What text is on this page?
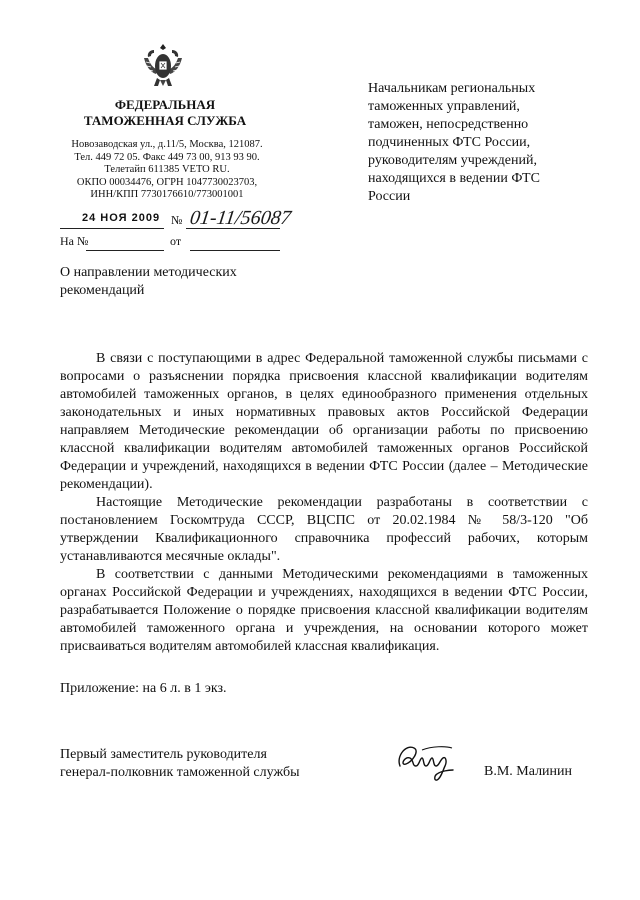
ФЕДЕРАЛЬНАЯ
ТАМОЖЕННАЯ СЛУЖБА
Новозаводская ул., д.11/5, Москва, 121087.
Тел. 449 72 05. Факс 449 73 00, 913 93 90.
Телетайп 611385 VETO RU.
ОКПО 00034476, ОГРН 1047730023703,
ИНН/КПП 7730176610/773001001
24 НОЯ 2009 № 01-11/56087
На №	от
Начальникам региональных таможенных управлений, таможен, непосредственно подчиненных ФТС России, руководителям учреждений, находящихся в ведении ФТС России
О направлении методических рекомендаций

В связи с поступающими в адрес Федеральной таможенной службы письмами с вопросами о разъяснении порядка присвоения классной квалификации водителям автомобилей таможенных органов, в целях единообразного применения отдельных законодательных и иных нормативных правовых актов Российской Федерации направляем Методические рекомендации об организации работы по присвоению классной квалификации водителям автомобилей таможенных органов Российской Федерации и учреждений, находящихся в ведении ФТС России (далее – Методические рекомендации).

Настоящие Методические рекомендации разработаны в соответствии с постановлением Госкомтруда СССР, ВЦСПС от 20.02.1984 № 58/3-120 "Об утверждении Квалификационного справочника профессий рабочих, которым устанавливаются месячные оклады".

В соответствии с данными Методическими рекомендациями в таможенных органах Российской Федерации и учреждениях, находящихся в ведении ФТС России, разрабатывается Положение о порядке присвоения классной квалификации водителям автомобилей таможенного органа и учреждения, на основании которого может присваиваться водителям автомобилей классная квалификация.

Приложение: на 6 л. в 1 экз.
Первый заместитель руководителя
генерал-полковник таможенной службы	В.М. Малинин
